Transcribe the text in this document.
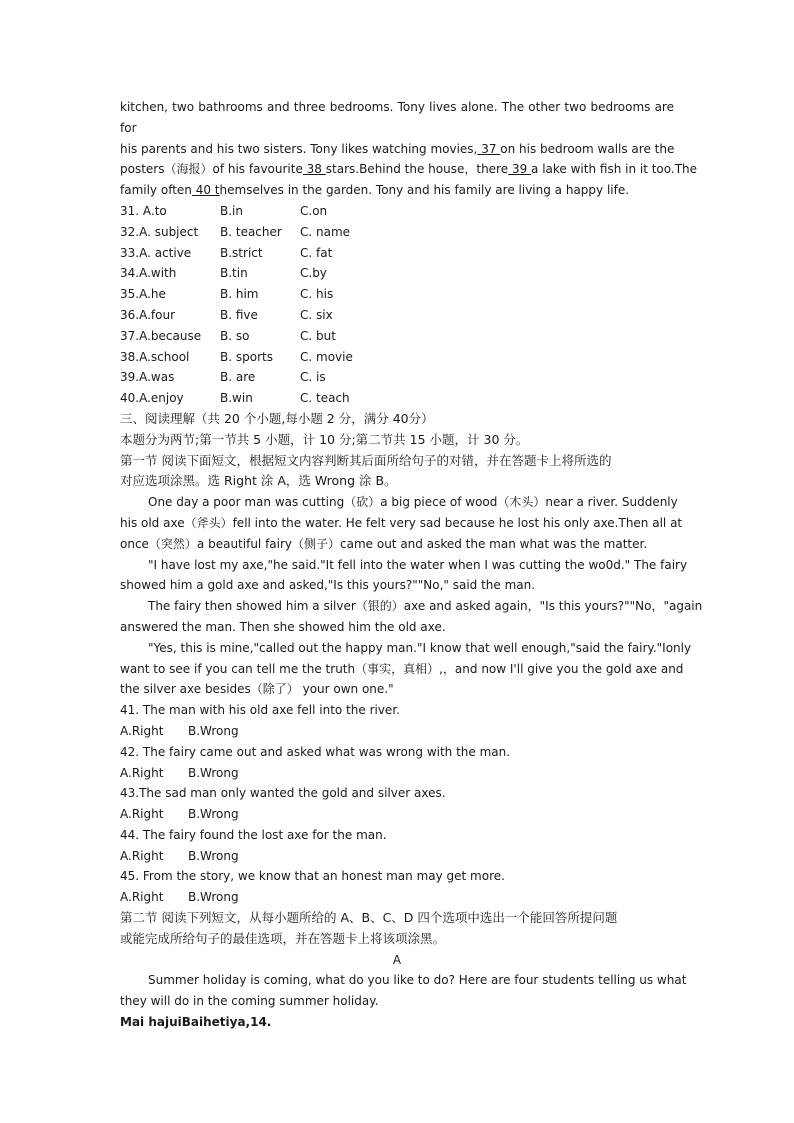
kitchen, two bathrooms and three bedrooms. Tony lives alone. The other two bedrooms are for
his parents and his two sisters. Tony likes watching movies, 37 on his bedroom walls are the
posters（海报）of his favourite 38 stars.Behind the house，there 39 a lake with fish in it too.The
family often 40 themselves in the garden. Tony and his family are living a happy life.
31. A.to	B.in	C.on
32.A. subject B. teacher C. name
33.A. active B.strict	C. fat
34.A.with	B.tin	C.by
35.A.he	B. him	C. his
36.A.four	B. five	C. six
37.A.because B. so	C. but
38.A.school	B. sports C. movie
39.A.was	B. are	C. is
40.A.enjoy	B.win	C. teach
三、阅读理解（共 20 个小题,每小题 2 分，满分 40分）
本题分为两节;第一节共 5 小题，计 10 分;第二节共 15 小题，计 30 分。
第一节 阅读下面短文，根据短文内容判断其后面所给句子的对错，并在答题卡上将所选的
对应选项涂黑。选 Right 涂 A，选 Wrong 涂 B。
One day a poor man was cutting（砍）a big piece of wood（木头）near a river. Suddenly
his old axe（斧头）fell into the water. He felt very sad because he lost his only axe.Then all at
once（突然）a beautiful fairy（侧子）came out and asked the man what was the matter.
"I have lost my axe,"he said."It fell into the water when I was cutting the wo0d." The fairy
showed him a gold axe and asked,"Is this yours?""No," said the man.
The fairy then showed him a silver（银的）axe and asked again，"Is this yours?""No，"again
answered the man. Then she showed him the old axe.
"Yes, this is mine,"called out the happy man."I know that well enough,"said the fairy."Ionly
want to see if you can tell me the truth（事实，真相）,，and now I'll give you the gold axe and
the silver axe besides（除了） your own one."
41. The man with his old axe fell into the river.
A.Right B.Wrong
42. The fairy came out and asked what was wrong with the man.
A.Right B.Wrong
43.The sad man only wanted the gold and silver axes.
A.Right B.Wrong
44. The fairy found the lost axe for the man.
A.Right B.Wrong
45. From the story, we know that an honest man may get more.
A.Right B.Wrong
第二节 阅读下列短文，从每小题所给的 A、B、C、D 四个选项中选出一个能回答所提问题
或能完成所给句子的最佳选项，并在答题卡上将该项涂黑。
A
Summer holiday is coming, what do you like to do? Here are four students telling us what
they will do in the coming summer holiday.
Mai hajuiBaihetiya,14.
